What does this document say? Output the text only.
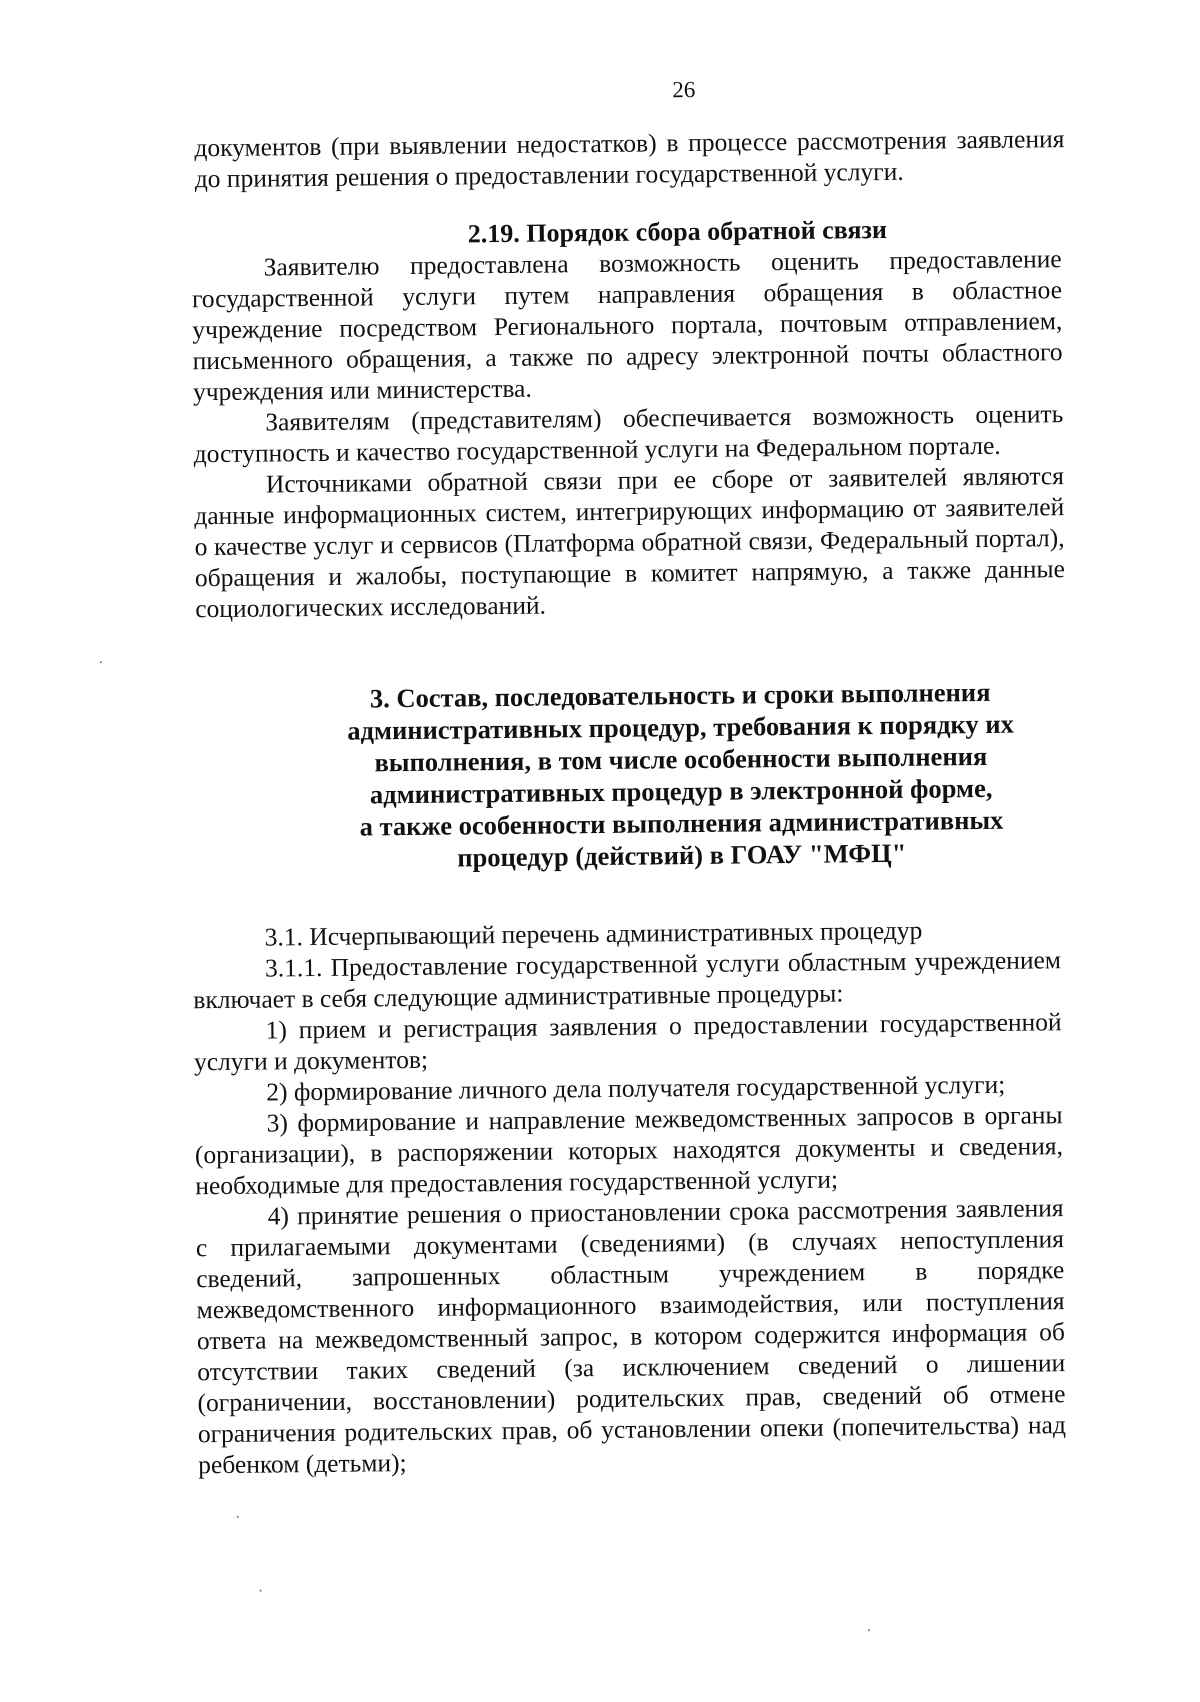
26

документов (при выявлении недостатков) в процессе рассмотрения заявления до принятия решения о предоставлении государственной услуги.

2.19. Порядок сбора обратной связи

Заявителю предоставлена возможность оценить предоставление государственной услуги путем направления обращения в областное учреждение посредством Регионального портала, почтовым отправлением, письменного обращения, а также по адресу электронной почты областного учреждения или министерства.

Заявителям (представителям) обеспечивается возможность оценить доступность и качество государственной услуги на Федеральном портале.

Источниками обратной связи при ее сборе от заявителей являются данные информационных систем, интегрирующих информацию от заявителей о качестве услуг и сервисов (Платформа обратной связи, Федеральный портал), обращения и жалобы, поступающие в комитет напрямую, а также данные социологических исследований.

3. Состав, последовательность и сроки выполнения

административных процедур, требования к порядку их

выполнения, в том числе особенности выполнения

административных процедур в электронной форме,

а также особенности выполнения административных

процедур (действий) в ГОАУ "МФЦ"

3.1. Исчерпывающий перечень административных процедур

3.1.1. Предоставление государственной услуги областным учреждением включает в себя следующие административные процедуры:

1) прием и регистрация заявления о предоставлении государственной услуги и документов;

2) формирование личного дела получателя государственной услуги;

3) формирование и направление межведомственных запросов в органы (организации), в распоряжении которых находятся документы и сведения, необходимые для предоставления государственной услуги;

4) принятие решения о приостановлении срока рассмотрения заявления с прилагаемыми документами (сведениями) (в случаях непоступления сведений, запрошенных областным учреждением в порядке межведомственного информационного взаимодействия, или поступления ответа на межведомственный запрос, в котором содержится информация об отсутствии таких сведений (за исключением сведений о лишении (ограничении, восстановлении) родительских прав, сведений об отмене ограничения родительских прав, об установлении опеки (попечительства) над ребенком (детьми);
